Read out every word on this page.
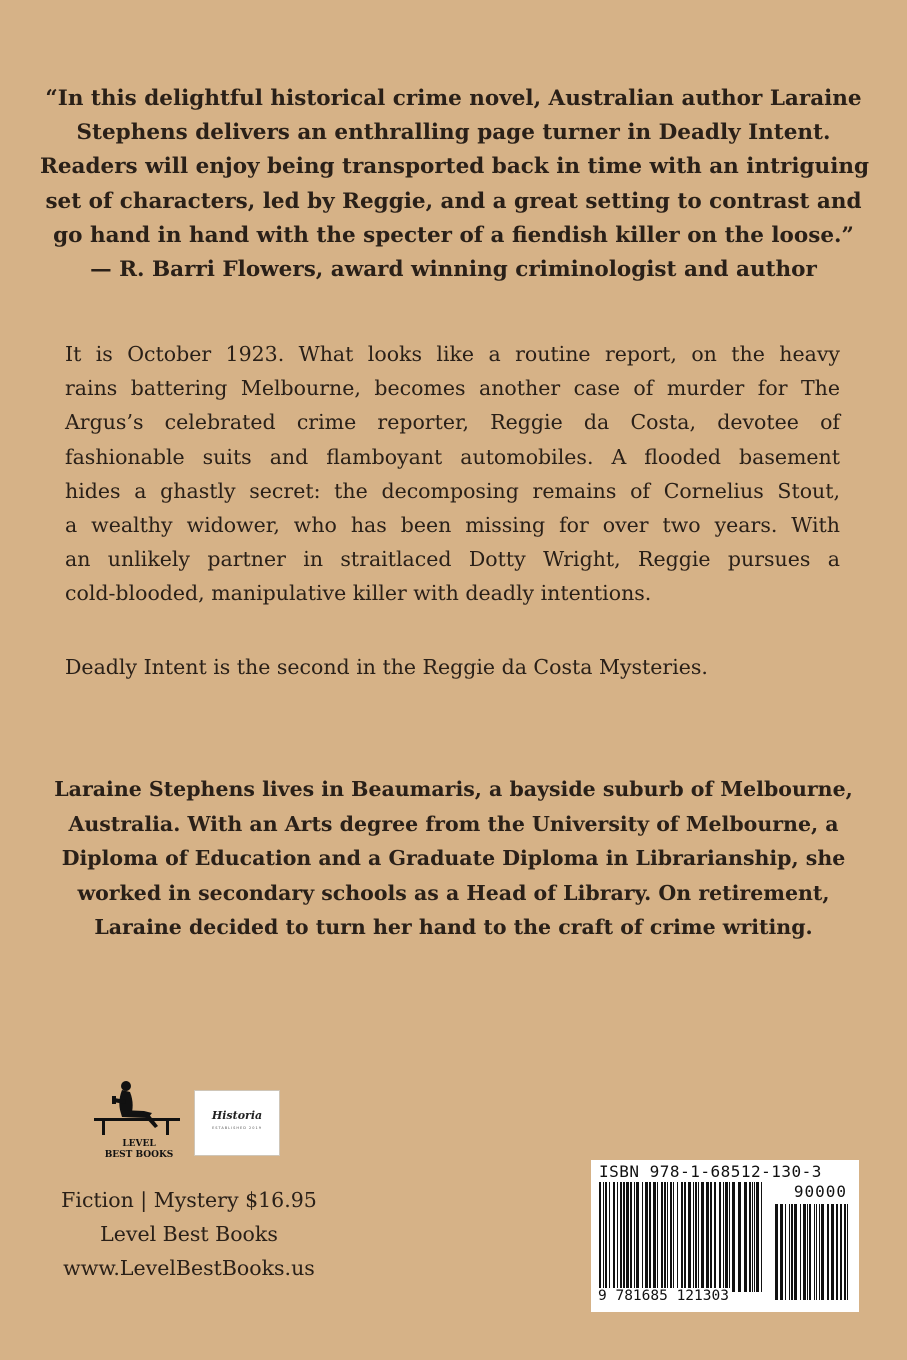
“In this delightful historical crime novel, Australian author Laraine
Stephens delivers an enthralling page turner in Deadly Intent.
Readers will enjoy being transported back in time with an intriguing
set of characters, led by Reggie, and a great setting to contrast and
go hand in hand with the specter of a fiendish killer on the loose.”
— R. Barri Flowers, award winning criminologist and author
It is October 1923. What looks like a routine report, on the heavy
rains battering Melbourne, becomes another case of murder for The
Argus’s celebrated crime reporter, Reggie da Costa, devotee of
fashionable suits and flamboyant automobiles. A flooded basement
hides a ghastly secret: the decomposing remains of Cornelius Stout,
a wealthy widower, who has been missing for over two years. With
an unlikely partner in straitlaced Dotty Wright, Reggie pursues a
cold-blooded, manipulative killer with deadly intentions.
Deadly Intent is the second in the Reggie da Costa Mysteries.
Laraine Stephens lives in Beaumaris, a bayside suburb of Melbourne,
Australia. With an Arts degree from the University of Melbourne, a
Diploma of Education and a Graduate Diploma in Librarianship, she
worked in secondary schools as a Head of Library. On retirement,
Laraine decided to turn her hand to the craft of crime writing.
LEVEL
BEST BOOKS
Historia
ESTABLISHED 2019
Fiction | Mystery $16.95
Level Best Books
www.LevelBestBooks.us
ISBN 978-1-68512-130-3
90000
9 781685 121303
